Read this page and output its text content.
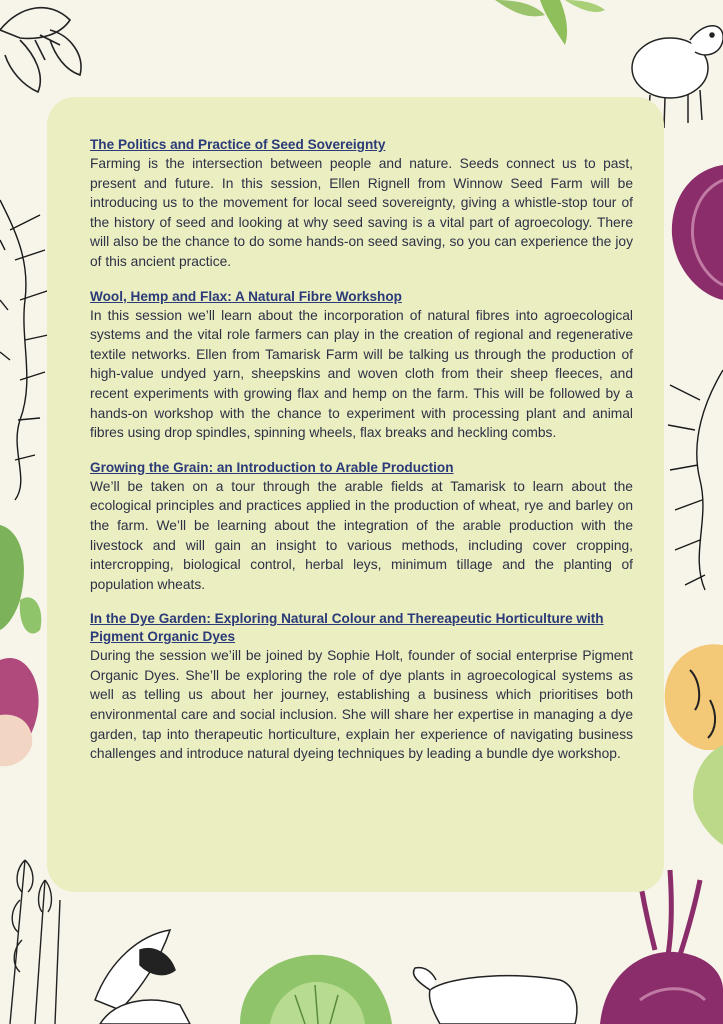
The Politics and Practice of Seed Sovereignty

Farming is the intersection between people and nature. Seeds connect us to past, present and future. In this session, Ellen Rignell from Winnow Seed Farm will be introducing us to the movement for local seed sovereignty, giving a whistle-stop tour of the history of seed and looking at why seed saving is a vital part of agroecology. There will also be the chance to do some hands-on seed saving, so you can experience the joy of this ancient practice.

Wool, Hemp and Flax: A Natural Fibre Workshop

In this session we’ll learn about the incorporation of natural fibres into agroecological systems and the vital role farmers can play in the creation of regional and regenerative textile networks. Ellen from Tamarisk Farm will be talking us through the production of high-value undyed yarn, sheepskins and woven cloth from their sheep fleeces, and recent experiments with growing flax and hemp on the farm. This will be followed by a hands-on workshop with the chance to experiment with processing plant and animal fibres using drop spindles, spinning wheels, flax breaks and heckling combs.

Growing the Grain: an Introduction to Arable Production

We’ll be taken on a tour through the arable fields at Tamarisk to learn about the ecological principles and practices applied in the production of wheat, rye and barley on the farm. We’ll be learning about the integration of the arable production with the livestock and will gain an insight to various methods, including cover cropping, intercropping, biological control, herbal leys, minimum tillage and the planting of population wheats.

In the Dye Garden: Exploring Natural Colour and Thereapeutic Horticulture with Pigment Organic Dyes

During the session we’ill be joined by Sophie Holt, founder of social enterprise Pigment Organic Dyes. She’ll be exploring the role of dye plants in agroecological systems as well as telling us about her journey, establishing a business which prioritises both environmental care and social inclusion. She will share her expertise in managing a dye garden, tap into therapeutic horticulture, explain her experience of navigating business challenges and introduce natural dyeing techniques by leading a bundle dye workshop.
